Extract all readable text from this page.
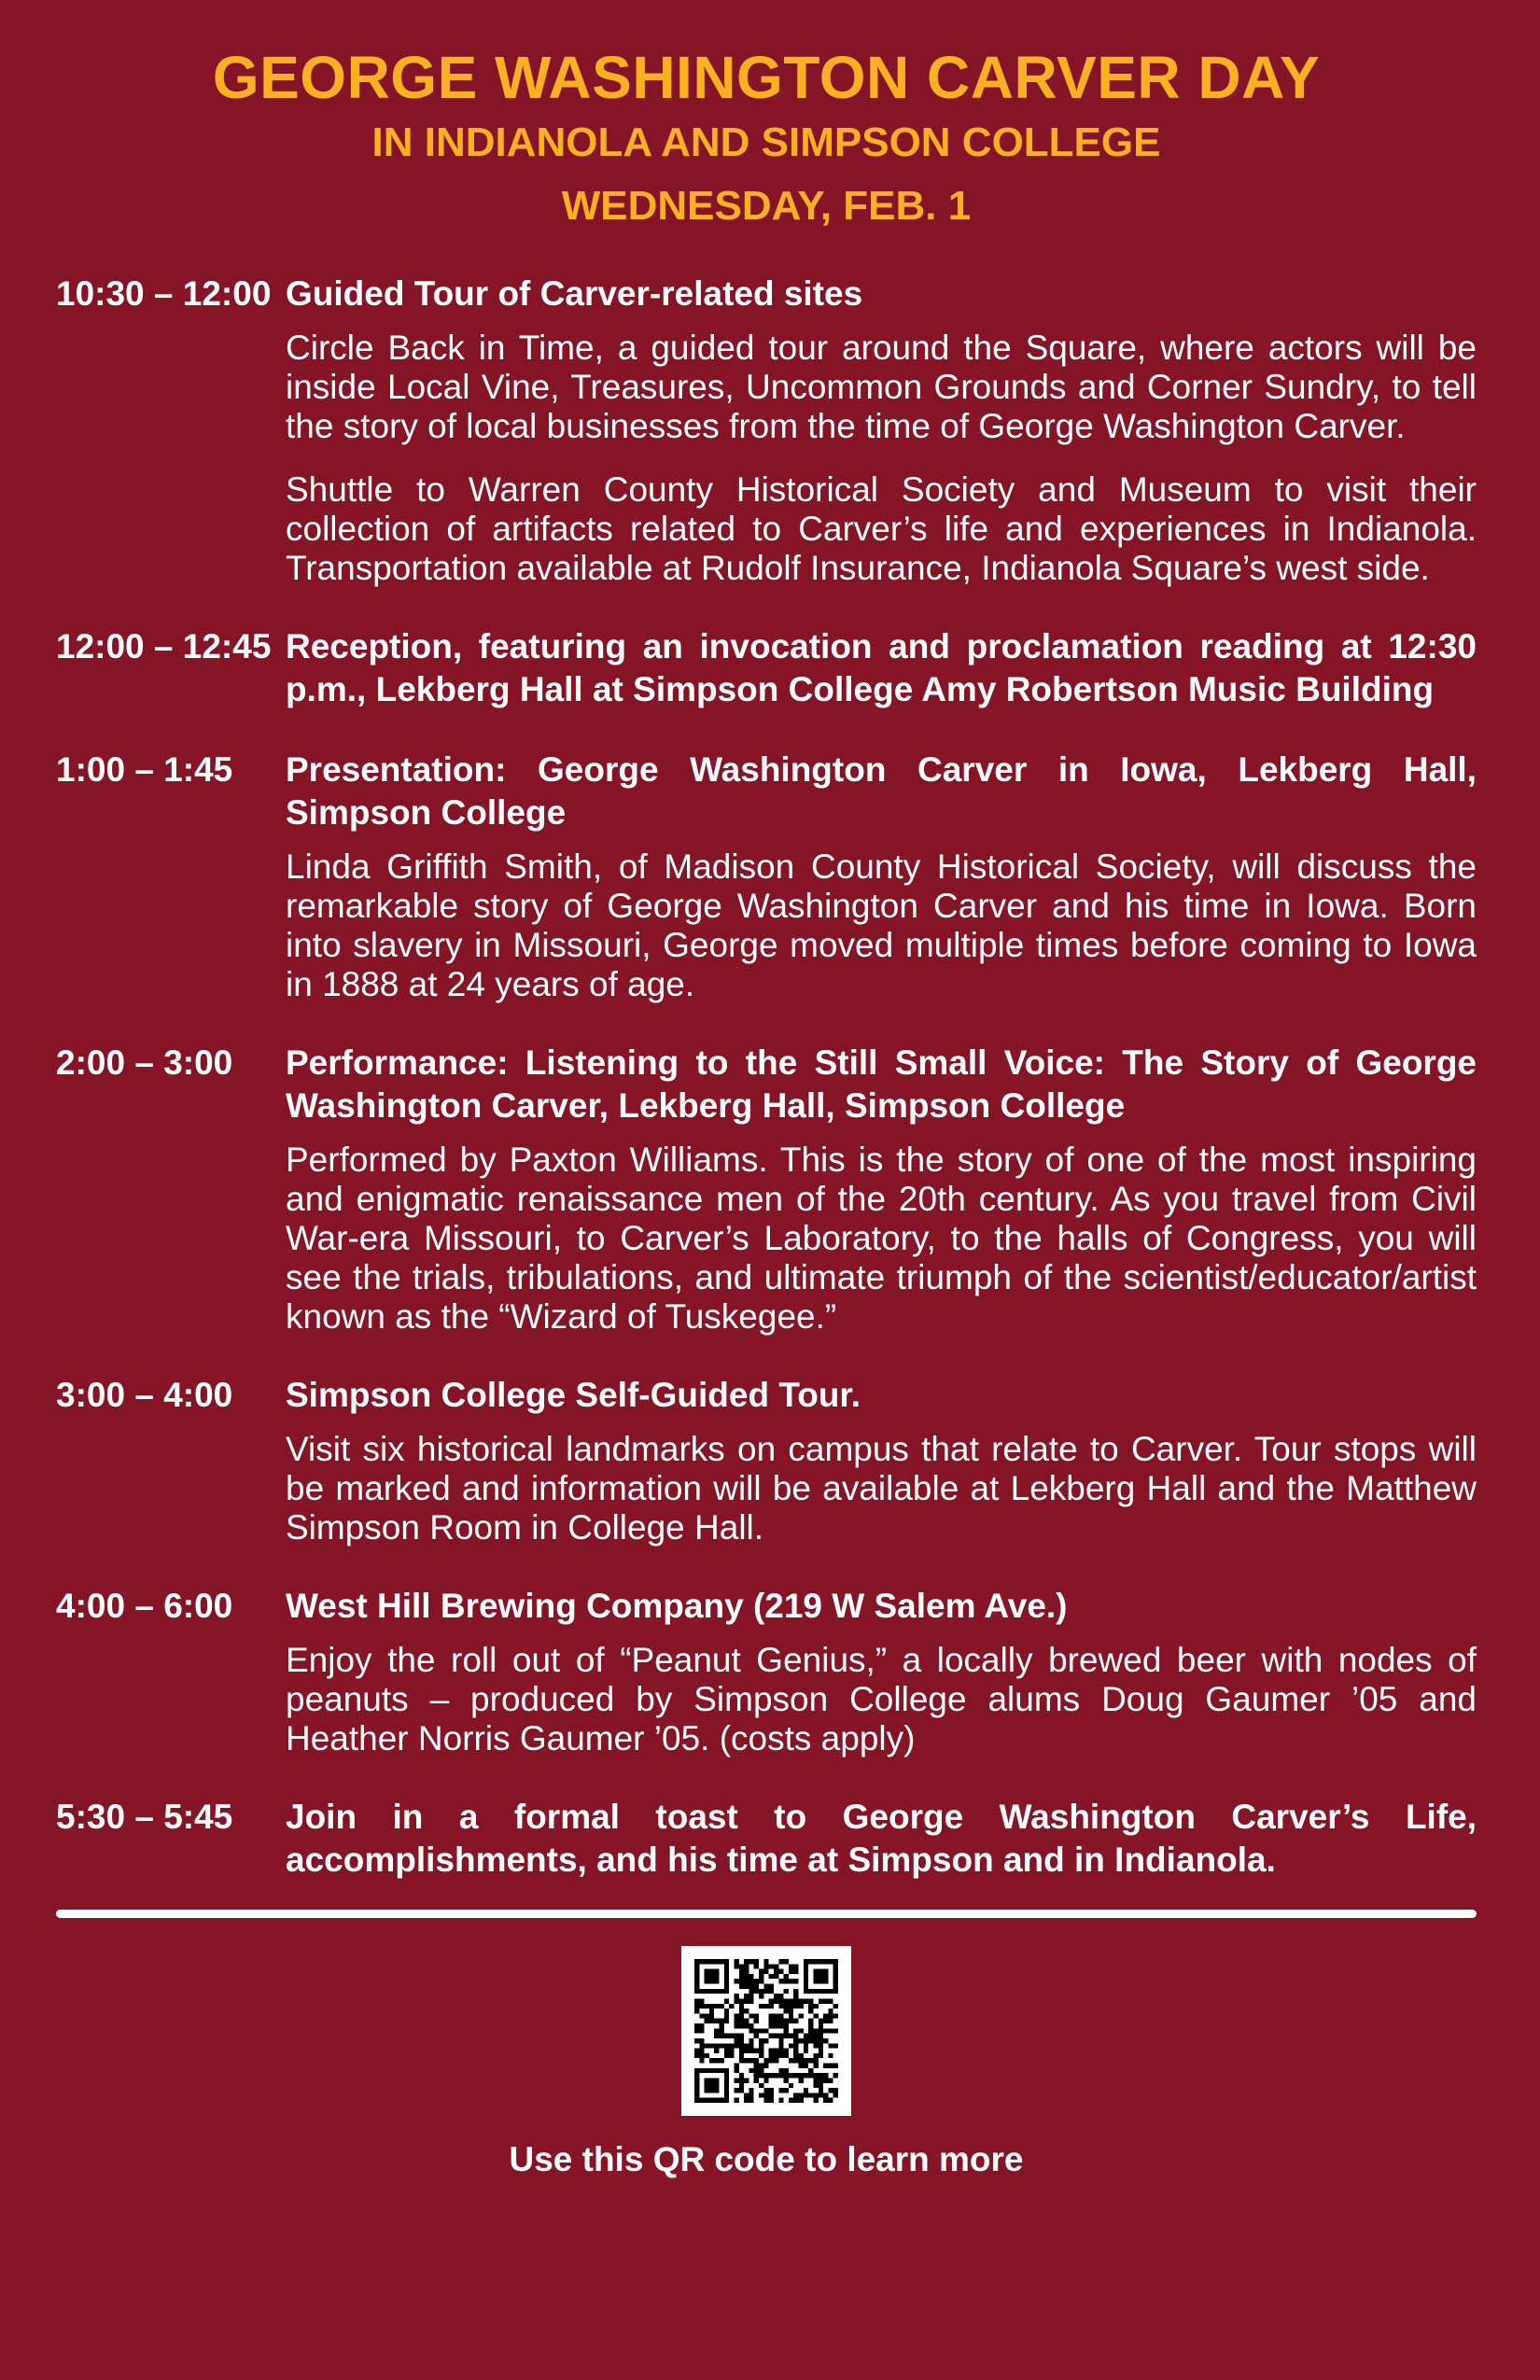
GEORGE WASHINGTON CARVER DAY
IN INDIANOLA AND SIMPSON COLLEGE
WEDNESDAY, FEB. 1
10:30 – 12:00 Guided Tour of Carver-related sites

Circle Back in Time, a guided tour around the Square, where actors will be inside Local Vine, Treasures, Uncommon Grounds and Corner Sundry, to tell the story of local businesses from the time of George Washington Carver.

Shuttle to Warren County Historical Society and Museum to visit their collection of artifacts related to Carver’s life and experiences in Indianola. Transportation available at Rudolf Insurance, Indianola Square’s west side.

12:00 – 12:45 Reception, featuring an invocation and proclamation reading at 12:30 p.m., Lekberg Hall at Simpson College Amy Robertson Music Building
1:00 – 1:45	Presentation: George Washington Carver in Iowa, Lekberg Hall, Simpson College

Linda Griffith Smith, of Madison County Historical Society, will discuss the remarkable story of George Washington Carver and his time in Iowa. Born into slavery in Missouri, George moved multiple times before coming to Iowa in 1888 at 24 years of age.

2:00 – 3:00	Performance: Listening to the Still Small Voice: The Story of George Washington Carver, Lekberg Hall, Simpson College

Performed by Paxton Williams. This is the story of one of the most inspiring and enigmatic renaissance men of the 20th century. As you travel from Civil War-era Missouri, to Carver’s Laboratory, to the halls of Congress, you will see the trials, tribulations, and ultimate triumph of the scientist/educator/artist known as the “Wizard of Tuskegee.”

3:00 – 4:00	Simpson College Self-Guided Tour.

Visit six historical landmarks on campus that relate to Carver. Tour stops will be marked and information will be available at Lekberg Hall and the Matthew Simpson Room in College Hall.

4:00 – 6:00	West Hill Brewing Company (219 W Salem Ave.)

Enjoy the roll out of “Peanut Genius,” a locally brewed beer with nodes of peanuts – produced by Simpson College alums Doug Gaumer ’05 and Heather Norris Gaumer ’05. (costs apply)

5:30 – 5:45	Join in a formal toast to George Washington Carver’s Life, accomplishments, and his time at Simpson and in Indianola.
Use this QR code to learn more
